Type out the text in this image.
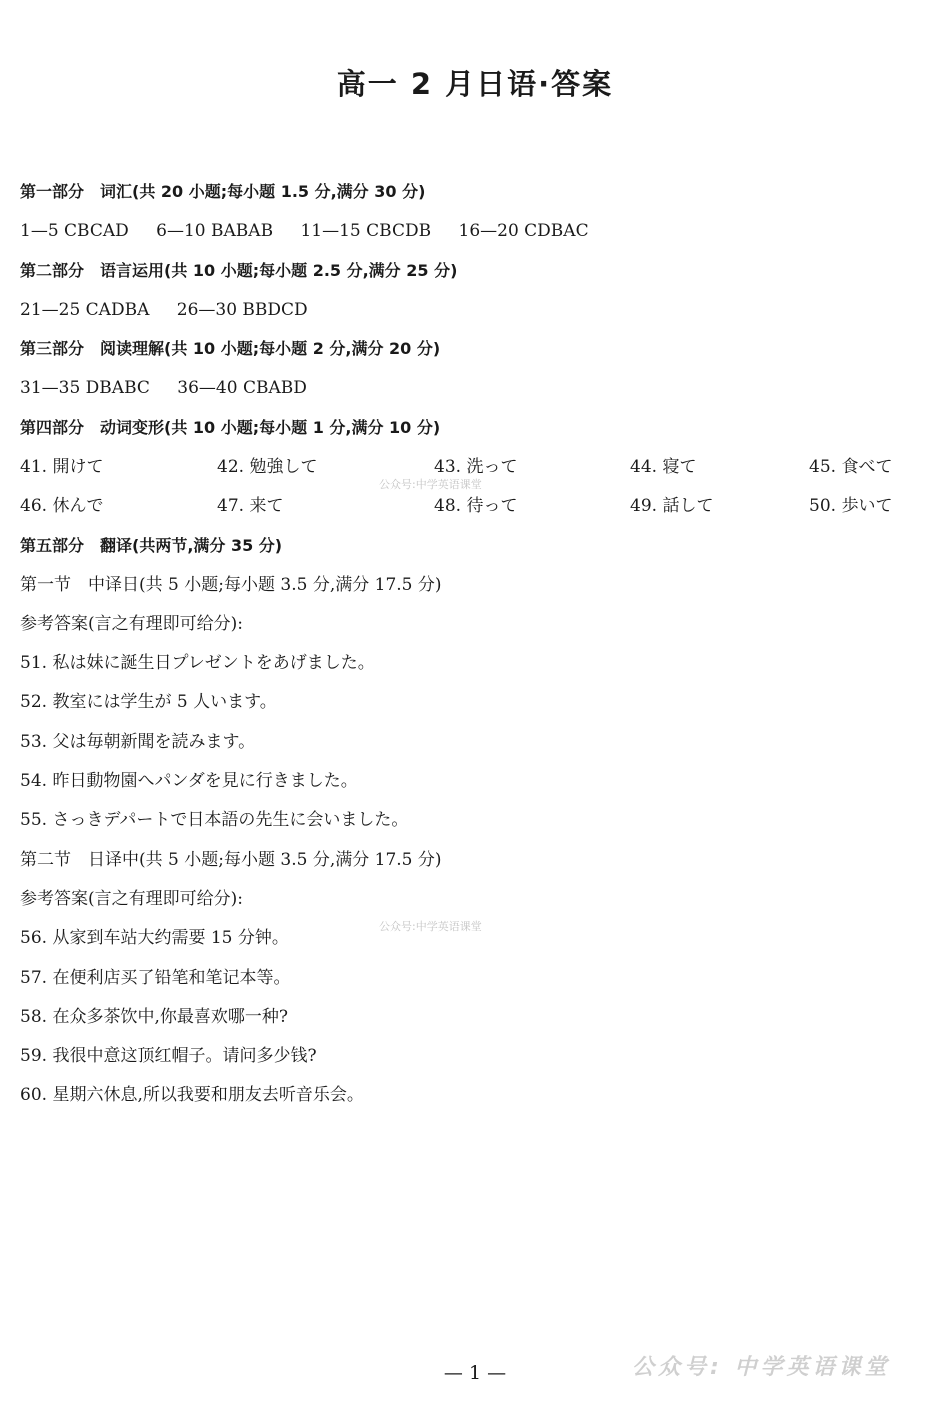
高一 2 月日语·答案
第一部分　词汇(共 20 小题;每小题 1.5 分,满分 30 分)
1—5 CBCAD 6—10 BABAB 11—15 CBCDB 16—20 CDBAC
第二部分　语言运用(共 10 小题;每小题 2.5 分,满分 25 分)
21—25 CADBA 26—30 BBDCD
第三部分　阅读理解(共 10 小题;每小题 2 分,满分 20 分)
31—35 DBABC 36—40 CBABD
第四部分　动词变形(共 10 小题;每小题 1 分,满分 10 分)
41. 開けて	42. 勉強して	43. 洗って	44. 寝て	45. 食べて
公众号:中学英语课堂
46. 休んで	47. 来て	48. 待って	49. 話して	50. 歩いて
第五部分　翻译(共两节,满分 35 分)
第一节　中译日(共 5 小题;每小题 3.5 分,满分 17.5 分)
参考答案(言之有理即可给分):
51. 私は妹に誕生日プレゼントをあげました。
52. 教室には学生が 5 人います。
53. 父は毎朝新聞を読みます。
54. 昨日動物園へパンダを見に行きました。
55. さっきデパートで日本語の先生に会いました。
第二节　日译中(共 5 小题;每小题 3.5 分,满分 17.5 分)
参考答案(言之有理即可给分):
公众号:中学英语课堂
56. 从家到车站大约需要 15 分钟。
57. 在便利店买了铅笔和笔记本等。
58. 在众多茶饮中,你最喜欢哪一种?
59. 我很中意这顶红帽子。请问多少钱?
60. 星期六休息,所以我要和朋友去听音乐会。
公众号: 中学英语课堂
— 1 —
